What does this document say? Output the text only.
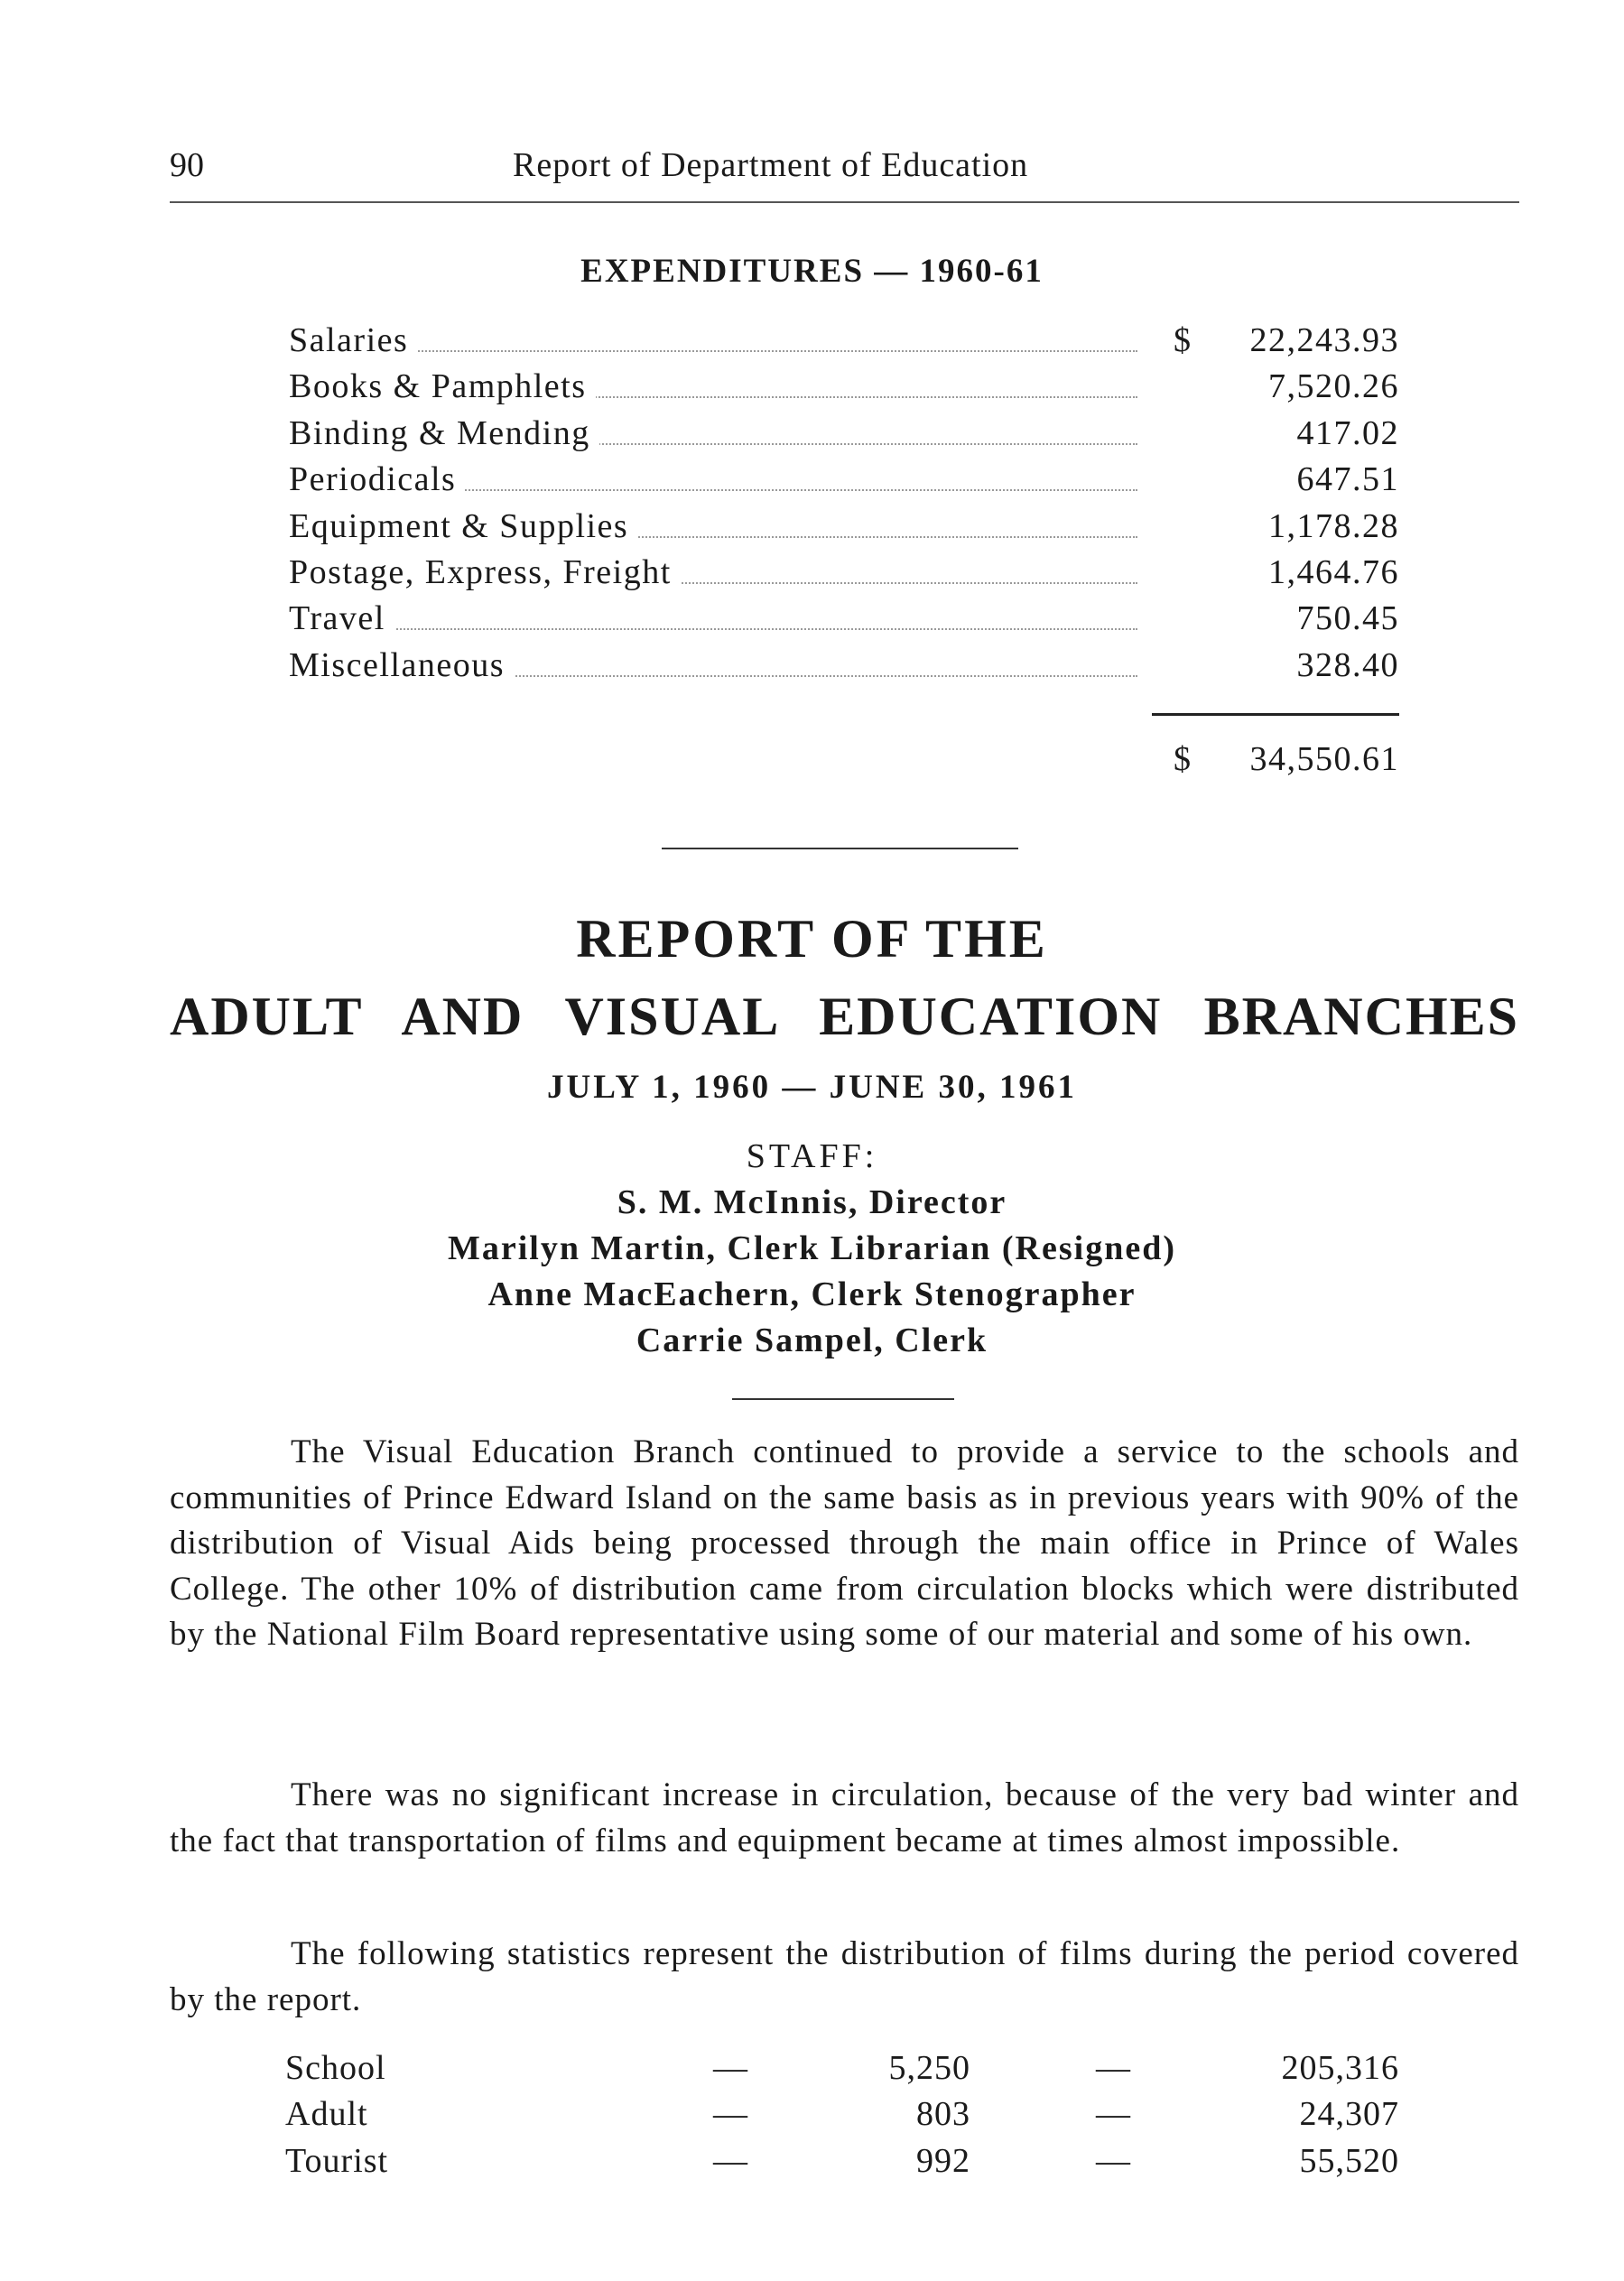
90	Report of Department of Education
EXPENDITURES — 1960-61
Salaries	$ 22,243.93
Books & Pamphlets	7,520.26
Binding & Mending	417.02
Periodicals	647.51
Equipment & Supplies	1,178.28
Postage, Express, Freight	1,464.76
Travel	750.45
Miscellaneous	328.40
$	34,550.61
REPORT OF THE
ADULT AND VISUAL EDUCATION BRANCHES
JULY 1, 1960 — JUNE 30, 1961
STAFF:
S. M. McInnis, Director
Marilyn Martin, Clerk Librarian (Resigned)
Anne MacEachern, Clerk Stenographer
Carrie Sampel, Clerk
The Visual Education Branch continued to provide a service to the schools and communities of Prince Edward Island on the same basis as in previous years with 90% of the distribution of Visual Aids being processed through the main office in Prince of Wales College. The other 10% of distribution came from circulation blocks which were distributed by the National Film Board representative using some of our material and some of his own.
There was no significant increase in circulation, because of the very bad winter and the fact that transportation of films and equipment became at times almost impossible.
The following statistics represent the distribution of films during the period covered by the report.
School	—	5,250	—	205,316
Adult	—	803	—	24,307
Tourist	—	992	—	55,520
